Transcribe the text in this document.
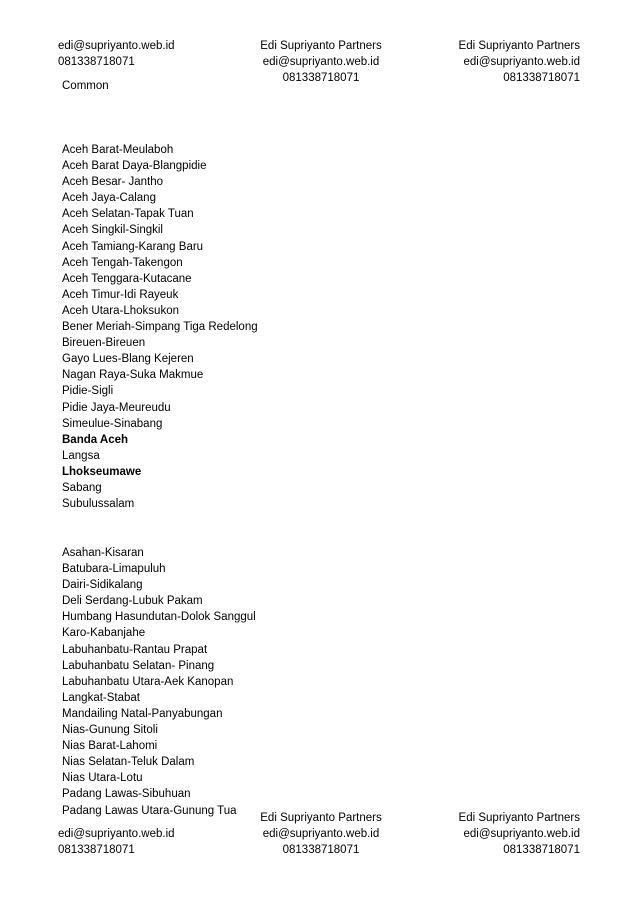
edi@supriyanto.web.id
081338718071
Edi Supriyanto Partners
edi@supriyanto.web.id
081338718071
Edi Supriyanto Partners
edi@supriyanto.web.id
081338718071
Common
Aceh Barat-Meulaboh
Aceh Barat Daya-Blangpidie
Aceh Besar- Jantho
Aceh Jaya-Calang
Aceh Selatan-Tapak Tuan
Aceh Singkil-Singkil
Aceh Tamiang-Karang Baru
Aceh Tengah-Takengon
Aceh Tenggara-Kutacane
Aceh Timur-Idi Rayeuk
Aceh Utara-Lhoksukon
Bener Meriah-Simpang Tiga Redelong
Bireuen-Bireuen
Gayo Lues-Blang Kejeren
Nagan Raya-Suka Makmue
Pidie-Sigli
Pidie Jaya-Meureudu
Simeulue-Sinabang
Banda Aceh
Langsa
Lhokseumawe
Sabang
Subulussalam
Asahan-Kisaran
Batubara-Limapuluh
Dairi-Sidikalang
Deli Serdang-Lubuk Pakam
Humbang Hasundutan-Dolok Sanggul
Karo-Kabanjahe
Labuhanbatu-Rantau Prapat
Labuhanbatu Selatan- Pinang
Labuhanbatu Utara-Aek Kanopan
Langkat-Stabat
Mandailing Natal-Panyabungan
Nias-Gunung Sitoli
Nias Barat-Lahomi
Nias Selatan-Teluk Dalam
Nias Utara-Lotu
Padang Lawas-Sibuhuan
Padang Lawas Utara-Gunung Tua
edi@supriyanto.web.id
081338718071
Edi Supriyanto Partners
edi@supriyanto.web.id
081338718071
Edi Supriyanto Partners
edi@supriyanto.web.id
081338718071
